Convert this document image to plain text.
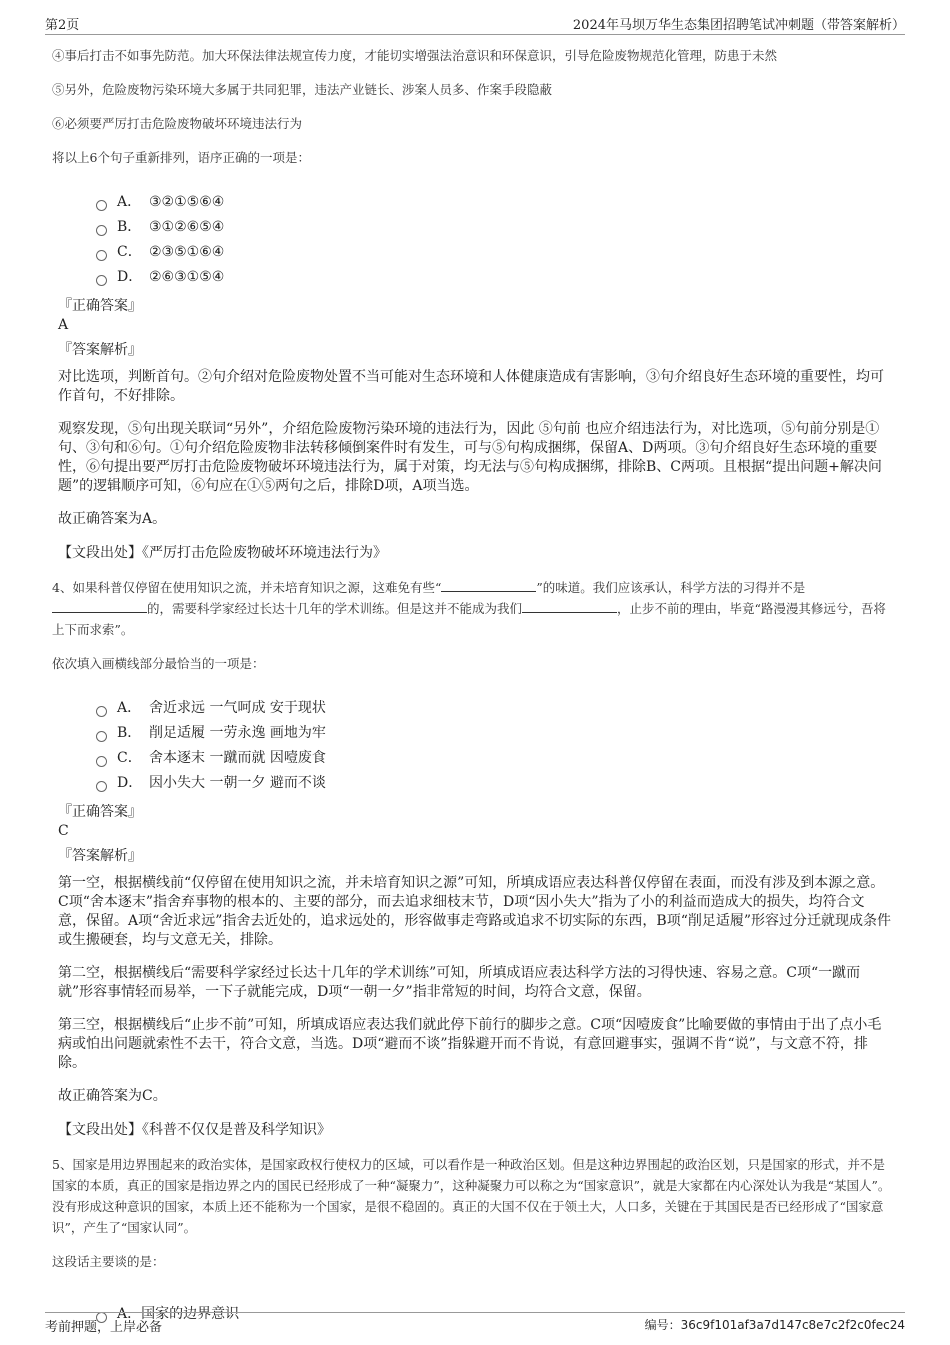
第2页	2024年马坝万华生态集团招聘笔试冲刺题（带答案解析）

④事后打击不如事先防范。加大环保法律法规宣传力度，才能切实增强法治意识和环保意识，引导危险废物规范化管理，防患于未然

⑤另外，危险废物污染环境大多属于共同犯罪，违法产业链长、涉案人员多、作案手段隐蔽

⑥必须要严厉打击危险废物破坏环境违法行为

将以上6个句子重新排列，语序正确的一项是：

A． ③②①⑤⑥④
B． ③①②⑥⑤④
C． ②③⑤①⑥④
D． ②⑥③①⑤④

『正确答案』

A

『答案解析』

对比选项，判断首句。②句介绍对危险废物处置不当可能对生态环境和人体健康造成有害影响，③句介绍良好生态环境的重要性，均可作首句，不好排除。

观察发现，⑤句出现关联词“另外”，介绍危险废物污染环境的违法行为，因此 ⑤句前 也应介绍违法行为，对比选项，⑤句前分别是①句、③句和⑥句。①句介绍危险废物非法转移倾倒案件时有发生，可与⑤句构成捆绑，保留A、D两项。③句介绍良好生态环境的重要性，⑥句提出要严厉打击危险废物破坏环境违法行为，属于对策，均无法与⑤句构成捆绑，排除B、C两项。且根据“提出问题+解决问题”的逻辑顺序可知，⑥句应在①⑤两句之后，排除D项，A项当选。

故正确答案为A。

【文段出处】《严厉打击危险废物破坏环境违法行为》

4、如果科普仅停留在使用知识之流，并未培育知识之源，这难免有些“	”的味道。我们应该承认，科学方法的习得并不是的，需要科学家经过长达十几年的学术训练。但是这并不能成为我们	，止步不前的理由，毕竟“路漫漫其修远兮，吾将上下而求索”。

依次填入画横线部分最恰当的一项是：

A． 舍近求远 一气呵成 安于现状
B． 削足适履 一劳永逸 画地为牢
C． 舍本逐末 一蹴而就 因噎废食
D． 因小失大 一朝一夕 避而不谈

『正确答案』

C

『答案解析』

第一空，根据横线前“仅停留在使用知识之流，并未培育知识之源”可知，所填成语应表达科普仅停留在表面，而没有涉及到本源之意。C项“舍本逐末”指舍弃事物的根本的、主要的部分，而去追求细枝末节，D项“因小失大”指为了小的利益而造成大的损失，均符合文意，保留。A项“舍近求远”指舍去近处的，追求远处的，形容做事走弯路或追求不切实际的东西，B项“削足适履”形容过分迁就现成条件或生搬硬套，均与文意无关，排除。

第二空，根据横线后“需要科学家经过长达十几年的学术训练”可知，所填成语应表达科学方法的习得快速、容易之意。C项“一蹴而就”形容事情轻而易举，一下子就能完成，D项“一朝一夕”指非常短的时间，均符合文意，保留。

第三空，根据横线后“止步不前”可知，所填成语应表达我们就此停下前行的脚步之意。C项“因噎废食”比喻要做的事情由于出了点小毛病或怕出问题就索性不去干，符合文意，当选。D项“避而不谈”指躲避开而不肯说，有意回避事实，强调不肯“说”，与文意不符，排除。

故正确答案为C。

【文段出处】《科普不仅仅是普及科学知识》

5、国家是用边界围起来的政治实体，是国家政权行使权力的区域，可以看作是一种政治区划。但是这种边界围起的政治区划，只是国家的形式，并不是国家的本质，真正的国家是指边界之内的国民已经形成了一种“凝聚力”，这种凝聚力可以称之为“国家意识”，就是大家都在内心深处认为我是“某国人”。没有形成这种意识的国家，本质上还不能称为一个国家，是很不稳固的。真正的大国不仅在于领土大，人口多，关键在于其国民是否已经形成了“国家意识”，产生了“国家认同”。

这段话主要谈的是：

A． 国家的边界意识
考前押题，上岸必备	编号：36c9f101af3a7d147c8e7c2f2c0fec24
